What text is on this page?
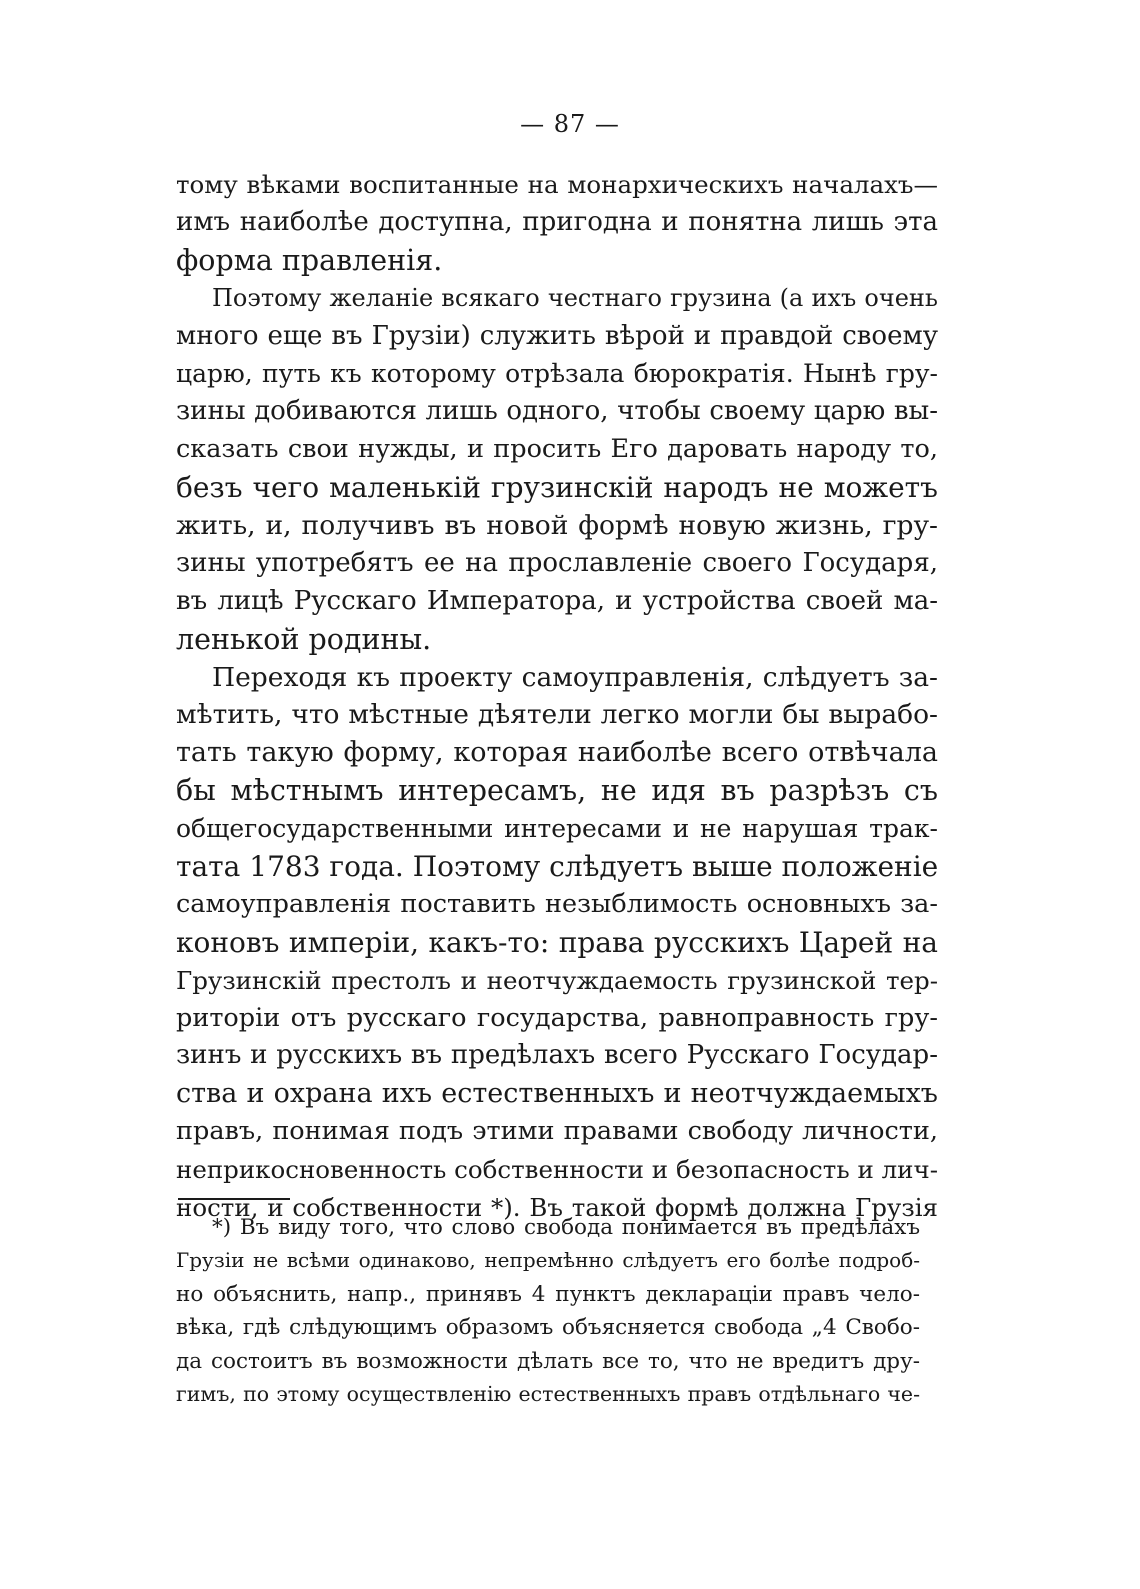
— 87 —
тому вѣками воспитанные на монархическихъ началахъ—
имъ наиболѣе доступна, пригодна и понятна лишь эта
форма правленія.
Поэтому желаніе всякаго честнаго грузина (а ихъ очень
много еще въ Грузіи) служить вѣрой и правдой своему
царю, путь къ которому отрѣзала бюрократія. Нынѣ гру-
зины добиваются лишь одного, чтобы своему царю вы-
сказать свои нужды, и просить Его даровать народу то,
безъ чего маленькій грузинскій народъ не можетъ
жить, и, получивъ въ новой формѣ новую жизнь, гру-
зины употребятъ ее на прославленіе своего Государя,
въ лицѣ Русскаго Императора, и устройства своей ма-
ленькой родины.
Переходя къ проекту самоуправленія, слѣдуетъ за-
мѣтить, что мѣстные дѣятели легко могли бы вырабо-
тать такую форму, которая наиболѣе всего отвѣчала
бы мѣстнымъ интересамъ, не идя въ разрѣзъ съ
общегосударственными интересами и не нарушая трак-
тата 1783 года. Поэтому слѣдуетъ выше положеніе
самоуправленія поставить незыблимость основныхъ за-
коновъ имперіи, какъ-то: права русскихъ Царей на
Грузинскій престолъ и неотчуждаемость грузинской тер-
риторіи отъ русскаго государства, равноправность гру-
зинъ и русскихъ въ предѣлахъ всего Русскаго Государ-
ства и охрана ихъ естественныхъ и неотчуждаемыхъ
правъ, понимая подъ этими правами свободу личности,
неприкосновенность собственности и безопасность и лич-
ности, и собственности *). Въ такой формѣ должна Грузія
*) Въ виду того, что слово свобода понимается въ предѣлахъ
Грузіи не всѣми одинаково, непремѣнно слѣдуетъ его болѣе подроб-
но объяснить, напр., принявъ 4 пунктъ декларацiи правъ чело-
вѣка, гдѣ слѣдующимъ образомъ объясняется свобода „4 Свобо-
да состоитъ въ возможности дѣлать все то, что не вредитъ дру-
гимъ, по этому осуществленію естественныхъ правъ отдѣльнаго че-
